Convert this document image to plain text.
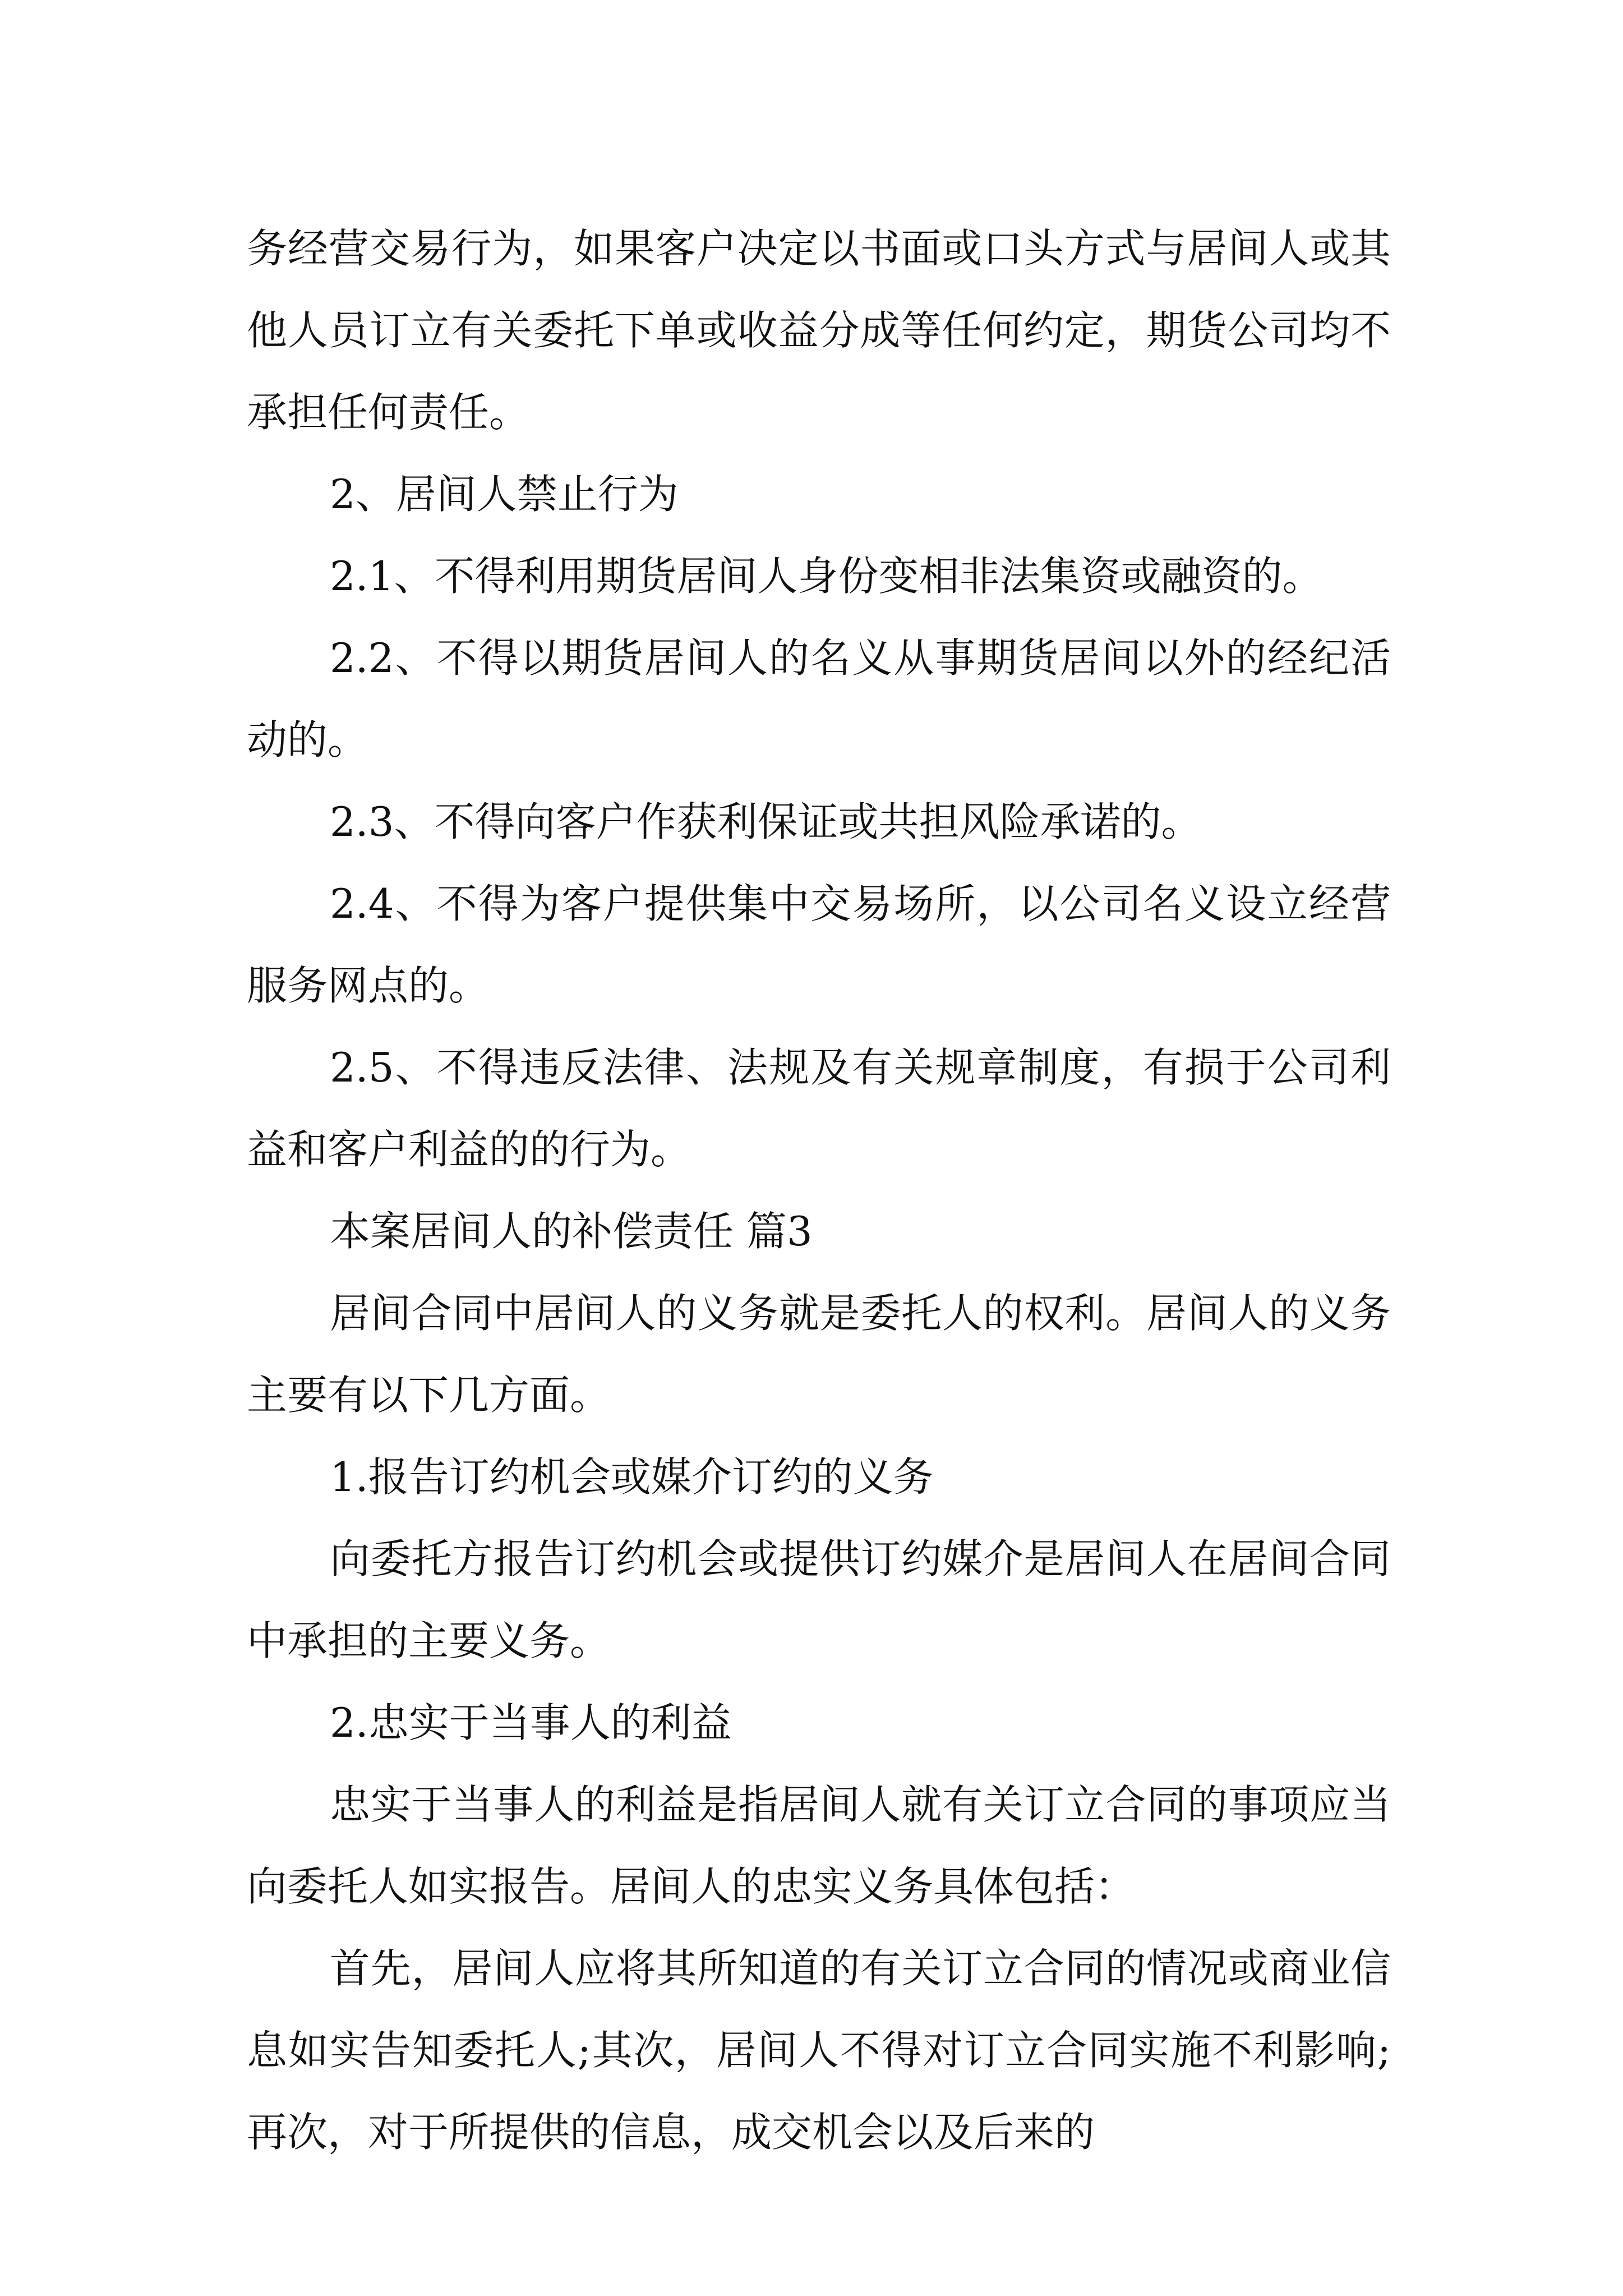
务经营交易行为，如果客户决定以书面或口头方式与居间人或其他人员订立有关委托下单或收益分成等任何约定，期货公司均不承担任何责任。

2、居间人禁止行为

2.1、不得利用期货居间人身份变相非法集资或融资的。

2.2、不得以期货居间人的名义从事期货居间以外的经纪活动的。

2.3、不得向客户作获利保证或共担风险承诺的。

2.4、不得为客户提供集中交易场所，以公司名义设立经营服务网点的。

2.5、不得违反法律、法规及有关规章制度，有损于公司利益和客户利益的的行为。

本案居间人的补偿责任 篇3

居间合同中居间人的义务就是委托人的权利。居间人的义务主要有以下几方面。

1.报告订约机会或媒介订约的义务

向委托方报告订约机会或提供订约媒介是居间人在居间合同中承担的主要义务。

2.忠实于当事人的利益

忠实于当事人的利益是指居间人就有关订立合同的事项应当向委托人如实报告。居间人的忠实义务具体包括：

首先，居间人应将其所知道的有关订立合同的情况或商业信息如实告知委托人;其次，居间人不得对订立合同实施不利影响;再次，对于所提供的信息，成交机会以及后来的
